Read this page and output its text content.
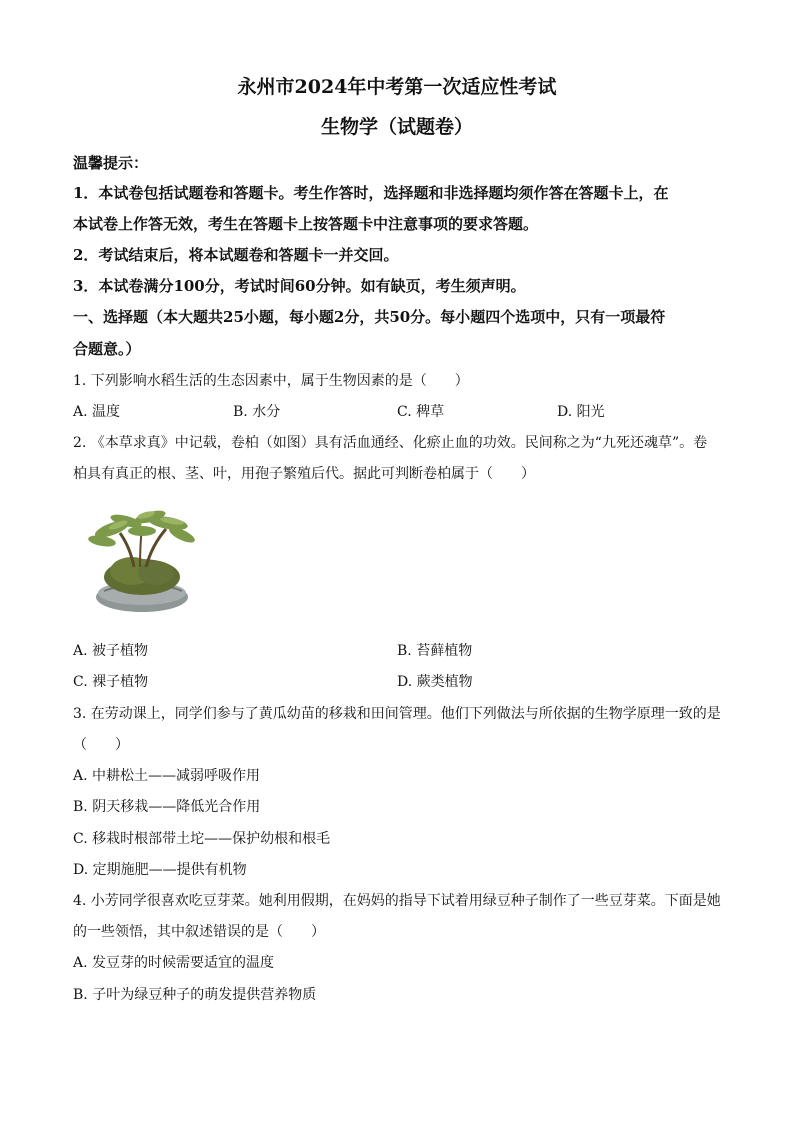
永州市2024年中考第一次适应性考试
生物学（试题卷）
温馨提示：
1．本试卷包括试题卷和答题卡。考生作答时，选择题和非选择题均须作答在答题卡上，在
本试卷上作答无效，考生在答题卡上按答题卡中注意事项的要求答题。
2．考试结束后，将本试题卷和答题卡一并交回。
3．本试卷满分100分，考试时间60分钟。如有缺页，考生须声明。
一、选择题（本大题共25小题，每小题2分，共50分。每小题四个选项中，只有一项最符
合题意。）
1. 下列影响水稻生活的生态因素中，属于生物因素的是（　　）
A. 温度	B. 水分	C. 稗草	D. 阳光
2. 《本草求真》中记载，卷柏（如图）具有活血通经、化瘀止血的功效。民间称之为“九死还魂草”。卷
柏具有真正的根、茎、叶，用孢子繁殖后代。据此可判断卷柏属于（　　）
A. 被子植物	B. 苔藓植物
C. 裸子植物	D. 蕨类植物
3. 在劳动课上，同学们参与了黄瓜幼苗的移栽和田间管理。他们下列做法与所依据的生物学原理一致的是
（　　）
A. 中耕松土——减弱呼吸作用
B. 阴天移栽——降低光合作用
C. 移栽时根部带土坨——保护幼根和根毛
D. 定期施肥——提供有机物
4. 小芳同学很喜欢吃豆芽菜。她利用假期，在妈妈的指导下试着用绿豆种子制作了一些豆芽菜。下面是她
的一些领悟，其中叙述错误的是（　　）
A. 发豆芽的时候需要适宜的温度
B. 子叶为绿豆种子的萌发提供营养物质
